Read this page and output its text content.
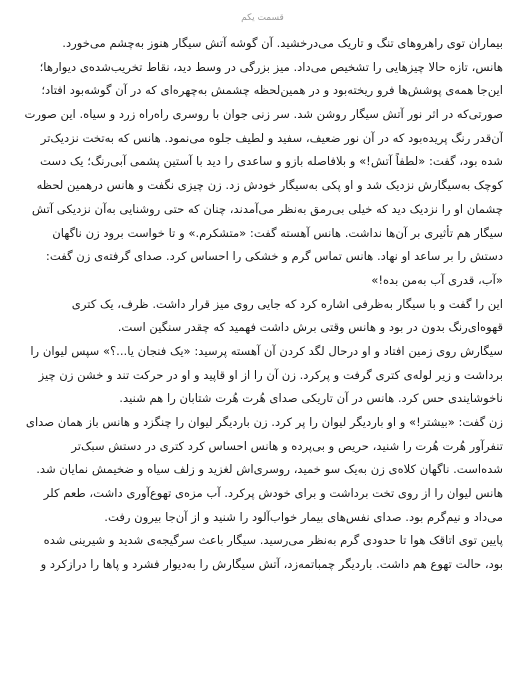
قسمت یکم
بیماران توی راهروهای تنگ و تاریک می‌درخشید. آن گوشه آتش سیگار هنوز به‌چشم می‌خورد.
هانس، تازه حالا چیزهایی را تشخیص می‌داد. میز بزرگی در وسط دید، نقاط تخریب‌شده‌ی دیوارها؛
این‌جا همه‌ی پوشش‌ها فرو ریخته‌بود و در همین‌لحظه چشمش به‌چهره‌ای که در آن گوشه‌بود افتاد؛
صورتی‌که در اثر نور آتش سیگار روشن شد. سر زنی جوان با روسری راه‌راه زرد و سیاه. این صورت
آن‌قدر رنگ پریده‌بود که در آن نور ضعیف، سفید و لطیف جلوه می‌نمود. هانس که به‌تخت نزدیک‌تر
شده بود، گفت: «لطفاً آتش!» و بلافاصله بازو و ساعدی را دید با آستین پشمی آبی‌رنگ؛ یک دست
کوچک به‌سیگارش نزدیک شد و او پکی به‌سیگار خودش زد. زن چیزی نگفت و هانس درهمین لحظه
چشمان او را نزدیک دید که خیلی بی‌رمق به‌نظر می‌آمدند، چنان که حتی روشنایی به‌آن نزدیکی آتش
سیگار هم تأثیری بر آن‌ها نداشت. هانس آهسته گفت: «متشکرم.» و تا خواست برود زن ناگهان
دستش را بر ساعد او نهاد. هانس تماس گرم و خشکی را احساس کرد. صدای گرفته‌ی زن گفت:
«آب، قدری آب به‌من بده!»
این را گفت و با سیگار به‌ظرفی اشاره کرد که جایی روی میز قرار داشت. ظرف، یک کتری
قهوه‌ای‌رنگ بدون در بود و هانس وقتی برش داشت فهمید که چقدر سنگین است.
سیگارش روی زمین افتاد و او درحال لگد کردن آن آهسته پرسید: «یک فنجان یا...؟» سپس لیوان را
برداشت و زیر لوله‌ی کتری گرفت و پرکرد. زن آن را از او قاپید و او در حرکت تند و خشن زن چیز
ناخوشایندی حس کرد. هانس در آن تاریکی صدای هُرت هُرت شتابان را هم شنید.
زن گفت: «بیشتر!» و او باردیگر لیوان را پر کرد. زن باردیگر لیوان را چنگزد و هانس باز همان صدای
تنفرآور هُرت هُرت را شنید، حریص و بی‌پرده و هانس احساس کرد کتری در دستش سبک‌تر
شده‌است. ناگهان کلاه‌ی زن به‌یک سو خمید، روسری‌اش لغزید و زلف سیاه و ضخیمش نمایان شد.
هانس لیوان را از روی تخت برداشت و برای خودش پرکرد. آب مزه‌ی تهوع‌آوری داشت، طعم کلر
می‌داد و نیم‌گرم بود. صدای نفس‌های بیمار خواب‌آلود را شنید و از آن‌جا بیرون رفت.
پایین توی اتاقک هوا تا حدودی گرم به‌نظر می‌رسید. سیگار باعث سرگیجه‌ی شدید و شیرینی شده
بود، حالت تهوع هم داشت. باردیگر چمباتمه‌زد، آتش سیگارش را به‌دیوار فشرد و پاها را درازکرد و
